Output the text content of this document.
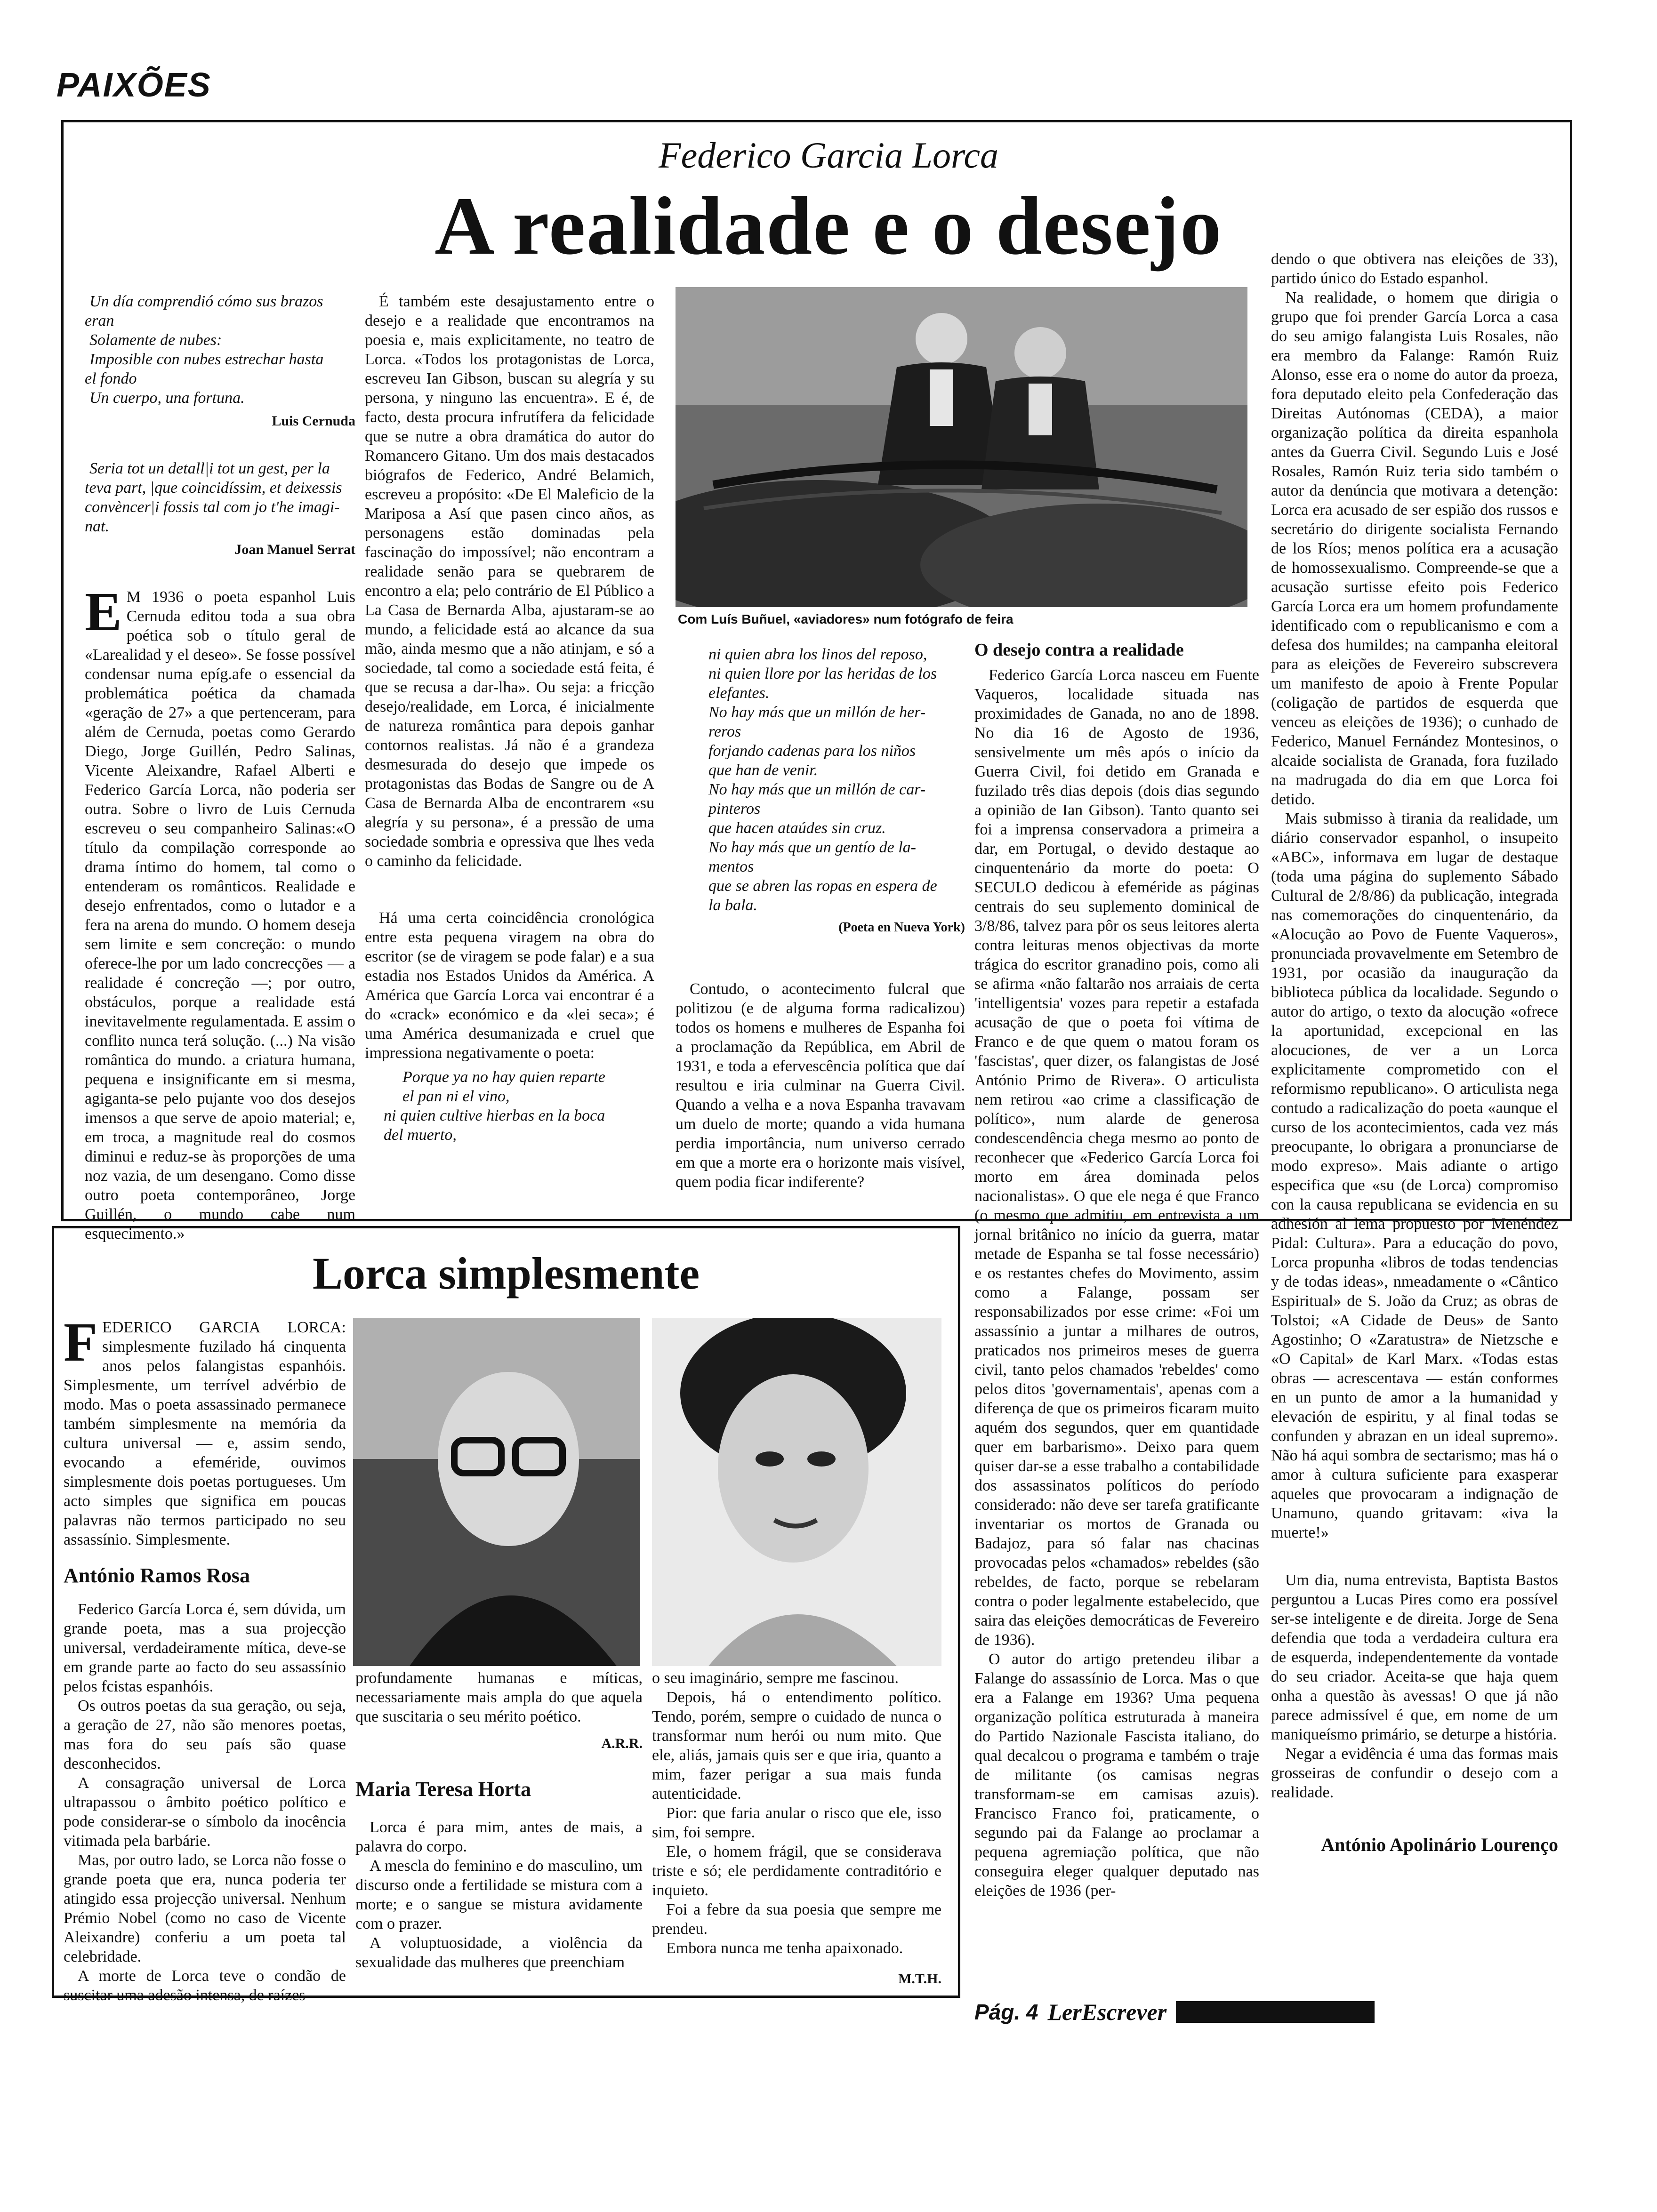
PAIXÕES
Federico Garcia Lorca
A realidade e o desejo
Un día comprendió cómo sus brazos
eran
Solamente de nubes:
Imposible con nubes estrechar hasta
el fondo
Un cuerpo, una fortuna.
Luis Cernuda
Seria tot un detall|i tot un gest, per la
teva part, |que coincidíssim, et deixessis
convèncer|i fossis tal com jo t'he imagi-
nat.
Joan Manuel Serrat

E M 1936 o poeta espanhol Luis Cernuda editou toda a sua obra poética sob o título geral de «Larealidad y el deseo». Se fosse possível condensar numa epíg.afe o essencial da problemática poética da chamada «geração de 27» a que pertenceram, para além de Cernuda, poetas como Gerardo Diego, Jorge Guillén, Pedro Salinas, Vicente Aleixandre, Rafael Alberti e Federico García Lorca, não poderia ser outra. Sobre o livro de Luis Cernuda escreveu o seu companheiro Salinas:«O título da compilação corresponde ao drama íntimo do homem, tal como o entenderam os românticos. Realidade e desejo enfrentados, como o lutador e a fera na arena do mundo. O homem deseja sem limite e sem concreção: o mundo oferece-lhe por um lado concrecções — a realidade é concreção —; por outro, obstáculos, porque a realidade está inevitavelmente regulamentada. E assim o conflito nunca terá solução. (...) Na visão romântica do mundo. a criatura humana, pequena e insignificante em si mesma, agiganta-se pelo pujante voo dos desejos imensos a que serve de apoio material; e, em troca, a magnitude real do cosmos diminui e reduz-se às proporções de uma noz vazia, de um desengano. Como disse outro poeta contemporâneo, Jorge Guillén, o mundo cabe num esquecimento.»

É também este desajustamento entre o desejo e a realidade que encontramos na poesia e, mais explicitamente, no teatro de Lorca. «Todos los protagonistas de Lorca, escreveu Ian Gibson, buscan su alegría y su persona, y ninguno las encuentra». E é, de facto, desta procura infrutífera da felicidade que se nutre a obra dramática do autor do Romancero Gitano. Um dos mais destacados biógrafos de Federico, André Belamich, escreveu a propósito: «De El Maleficio de la Mariposa a Así que pasen cinco años, as personagens estão dominadas pela fascinação do impossível; não encontram a realidade senão para se quebrarem de encontro a ela; pelo contrário de El Público a La Casa de Bernarda Alba, ajustaram-se ao mundo, a felicidade está ao alcance da sua mão, ainda mesmo que a não atinjam, e só a sociedade, tal como a sociedade está feita, é que se recusa a dar-lha». Ou seja: a fricção desejo/realidade, em Lorca, é inicialmente de natureza romântica para depois ganhar contornos realistas. Já não é a grandeza desmesurada do desejo que impede os protagonistas das Bodas de Sangre ou de A Casa de Bernarda Alba de encontrarem «su alegría y su persona», é a pressão de uma sociedade sombria e opressiva que lhes veda o caminho da felicidade.

Há uma certa coincidência cronológica entre esta pequena viragem na obra do escritor (se de viragem se pode falar) e a sua estadia nos Estados Unidos da América. A América que García Lorca vai encontrar é a do «crack» económico e da «lei seca»; é uma América desumanizada e cruel que impressiona negativamente o poeta:

Porque ya no hay quien reparte
el pan ni el vino,
ni quien cultive hierbas en la boca
del muerto,
Com Luís Buñuel, «aviadores» num fotógrafo de feira
ni quien abra los linos del reposo,
ni quien llore por las heridas de los
elefantes.
No hay más que un millón de her-
reros
forjando cadenas para los niños
que han de venir.
No hay más que un millón de car-
pinteros
que hacen ataúdes sin cruz.
No hay más que un gentío de la-
mentos
que se abren las ropas en espera de
la bala.
(Poeta en Nueva York)

Contudo, o acontecimento fulcral que politizou (e de alguma forma radicalizou) todos os homens e mulheres de Espanha foi a proclamação da República, em Abril de 1931, e toda a efervescência política que daí resultou e iria culminar na Guerra Civil. Quando a velha e a nova Espanha travavam um duelo de morte; quando a vida humana perdia importância, num universo cerrado em que a morte era o horizonte mais visível, quem podia ficar indiferente?

O desejo contra a realidade

Federico García Lorca nasceu em Fuente Vaqueros, localidade situada nas proximidades de Ganada, no ano de 1898. No dia 16 de Agosto de 1936, sensivelmente um mês após o início da Guerra Civil, foi detido em Granada e fuzilado três dias depois (dois dias segundo a opinião de Ian Gibson). Tanto quanto sei foi a imprensa conservadora a primeira a dar, em Portugal, o devido destaque ao cinquentenário da morte do poeta: O SECULO dedicou à efeméride as páginas centrais do seu suplemento dominical de 3/8/86, talvez para pôr os seus leitores alerta contra leituras menos objectivas da morte trágica do escritor granadino pois, como ali se afirma «não faltarão nos arraiais de certa 'intelligentsia' vozes para repetir a estafada acusação de que o poeta foi vítima de Franco e de que quem o matou foram os 'fascistas', quer dizer, os falangistas de José António Primo de Rivera». O articulista nem retirou «ao crime a classificação de político», num alarde de generosa condescendência chega mesmo ao ponto de reconhecer que «Federico García Lorca foi morto em área dominada pelos nacionalistas». O que ele nega é que Franco (o mesmo que admitiu, em entrevista a um jornal britânico no início da guerra, matar metade de Espanha se tal fosse necessário) e os restantes chefes do Movimento, assim como a Falange, possam ser responsabilizados por esse crime: «Foi um assassínio a juntar a milhares de outros, praticados nos primeiros meses de guerra civil, tanto pelos chamados 'rebeldes' como pelos ditos 'governamentais', apenas com a diferença de que os primeiros ficaram muito aquém dos segundos, quer em quantidade quer em barbarismo». Deixo para quem quiser dar-se a esse trabalho a contabilidade dos assassinatos políticos do período considerado: não deve ser tarefa gratificante inventariar os mortos de Granada ou Badajoz, para só falar nas chacinas provocadas pelos «chamados» rebeldes (são rebeldes, de facto, porque se rebelaram contra o poder legalmente estabelecido, que saira das eleições democráticas de Fevereiro de 1936).

O autor do artigo pretendeu ilibar a Falange do assassínio de Lorca. Mas o que era a Falange em 1936? Uma pequena organização política estruturada à maneira do Partido Nazionale Fascista italiano, do qual decalcou o programa e também o traje de militante (os camisas negras transformam-se em camisas azuis). Francisco Franco foi, praticamente, o segundo pai da Falange ao proclamar a pequena agremiação política, que não conseguira eleger qualquer deputado nas eleições de 1936 (per-

dendo o que obtivera nas eleições de 33), partido único do Estado espanhol.

Na realidade, o homem que dirigia o grupo que foi prender García Lorca a casa do seu amigo falangista Luis Rosales, não era membro da Falange: Ramón Ruiz Alonso, esse era o nome do autor da proeza, fora deputado eleito pela Confederação das Direitas Autónomas (CEDA), a maior organização política da direita espanhola antes da Guerra Civil. Segundo Luis e José Rosales, Ramón Ruiz teria sido também o autor da denúncia que motivara a detenção: Lorca era acusado de ser espião dos russos e secretário do dirigente socialista Fernando de los Ríos; menos política era a acusação de homossexualismo. Compreende-se que a acusação surtisse efeito pois Federico García Lorca era um homem profundamente identificado com o republicanismo e com a defesa dos humildes; na campanha eleitoral para as eleições de Fevereiro subscrevera um manifesto de apoio à Frente Popular (coligação de partidos de esquerda que venceu as eleições de 1936); o cunhado de Federico, Manuel Fernández Montesinos, o alcaide socialista de Granada, fora fuzilado na madrugada do dia em que Lorca foi detido.

Mais submisso à tirania da realidade, um diário conservador espanhol, o insupeito «ABC», informava em lugar de destaque (toda uma página do suplemento Sábado Cultural de 2/8/86) da publicação, integrada nas comemorações do cinquentenário, da «Alocução ao Povo de Fuente Vaqueros», pronunciada provavelmente em Setembro de 1931, por ocasião da inauguração da biblioteca pública da localidade. Segundo o autor do artigo, o texto da alocução «ofrece la aportunidad, excepcional en las alocuciones, de ver a un Lorca explicitamente comprometido con el reformismo republicano». O articulista nega contudo a radicalização do poeta «aunque el curso de los acontecimientos, cada vez más preocupante, lo obrigara a pronunciarse de modo expreso». Mais adiante o artigo especifica que «su (de Lorca) compromiso con la causa republicana se evidencia en su adhesión al lema propuesto por Menéndez Pidal: Cultura». Para a educação do povo, Lorca propunha «libros de todas tendencias y de todas ideas», nmeadamente o «Cântico Espiritual» de S. João da Cruz; as obras de Tolstoi; «A Cidade de Deus» de Santo Agostinho; O «Zaratustra» de Nietzsche e «O Capital» de Karl Marx. «Todas estas obras — acrescentava — están conformes en un punto de amor a la humanidad y elevación de espiritu, y al final todas se confunden y abrazan en un ideal supremo». Não há aqui sombra de sectarismo; mas há o amor à cultura suficiente para exasperar aqueles que provocaram a indignação de Unamuno, quando gritavam: «iva la muerte!»

Um dia, numa entrevista, Baptista Bastos perguntou a Lucas Pires como era possível ser-se inteligente e de direita. Jorge de Sena defendia que toda a verdadeira cultura era de esquerda, independentemente da vontade do seu criador. Aceita-se que haja quem onha a questão às avessas! O que já não parece admissível é que, em nome de um maniqueísmo primário, se deturpe a história.

Negar a evidência é uma das formas mais grosseiras de confundir o desejo com a realidade.

António Apolinário Lourenço
Lorca simplesmente

FEDERICO GARCIA LORCA: simplesmente fuzilado há cinquenta anos pelos falangistas espanhóis. Simplesmente, um terrível advérbio de modo. Mas o poeta assassinado permanece também simplesmente na memória da cultura universal — e, assim sendo, evocando a efeméride, ouvimos simplesmente dois poetas portugueses. Um acto simples que significa em poucas palavras não termos participado no seu assassínio. Simplesmente.

António Ramos Rosa

Federico García Lorca é, sem dúvida, um grande poeta, mas a sua projecção universal, verdadeiramente mítica, deve-se em grande parte ao facto do seu assassínio pelos fcistas espanhóis.

Os outros poetas da sua geração, ou seja, a geração de 27, não são menores poetas, mas fora do seu país são quase desconhecidos.

A consagração universal de Lorca ultrapassou o âmbito poético político e pode considerar-se o símbolo da inocência vitimada pela barbárie.

Mas, por outro lado, se Lorca não fosse o grande poeta que era, nunca poderia ter atingido essa projecção universal. Nenhum Prémio Nobel (como no caso de Vicente Aleixandre) conferiu a um poeta tal celebridade.

A morte de Lorca teve o condão de suscitar uma adesão intensa, de raízes

profundamente humanas e míticas, necessariamente mais ampla do que aquela que suscitaria o seu mérito poético.

A.R.R.
Maria Teresa Horta

Lorca é para mim, antes de mais, a palavra do corpo.

A mescla do feminino e do masculino, um discurso onde a fertilidade se mistura com a morte; e o sangue se mistura avidamente com o prazer.

A voluptuosidade, a violência da sexualidade das mulheres que preenchiam

o seu imaginário, sempre me fascinou.

Depois, há o entendimento político. Tendo, porém, sempre o cuidado de nunca o transformar num herói ou num mito. Que ele, aliás, jamais quis ser e que iria, quanto a mim, fazer perigar a sua mais funda autenticidade.

Pior: que faria anular o risco que ele, isso sim, foi sempre.

Ele, o homem frágil, que se considerava triste e só; ele perdidamente contraditório e inquieto.

Foi a febre da sua poesia que sempre me prendeu.

Embora nunca me tenha apaixonado.

M.T.H.
Pág. 4 LerEscrever
